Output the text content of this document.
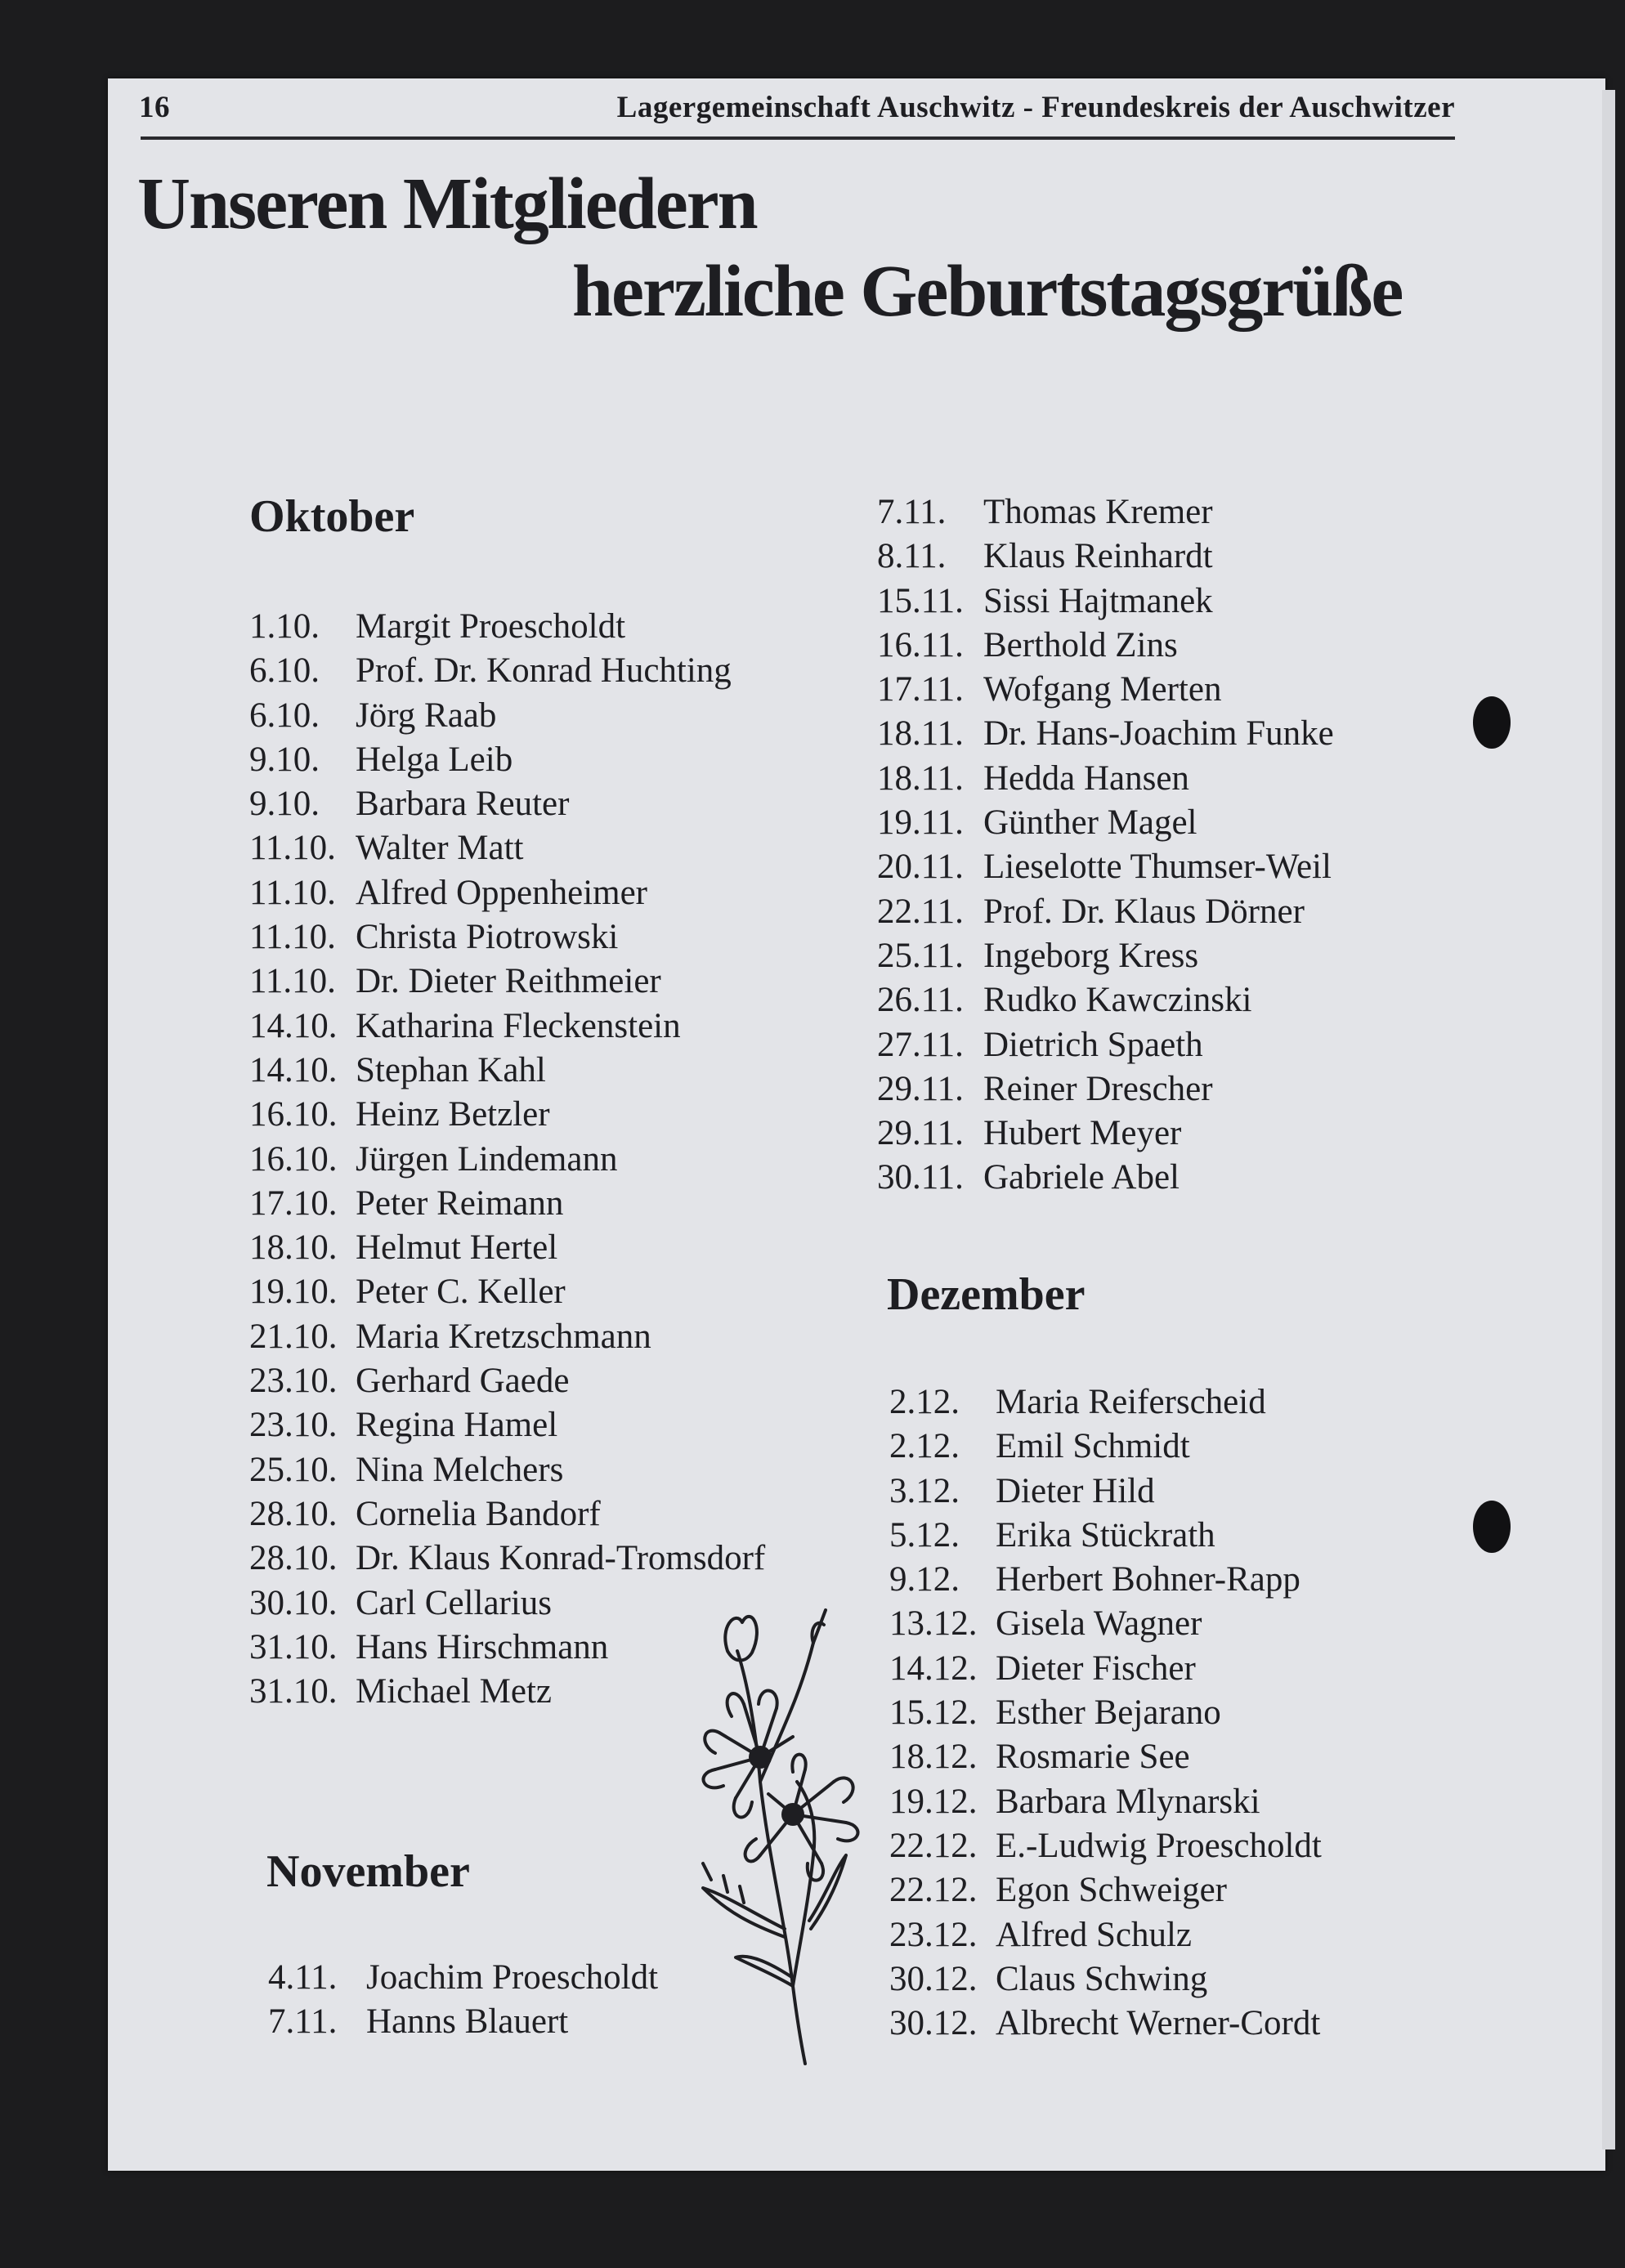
16	Lagergemeinschaft Auschwitz - Freundeskreis der Auschwitzer
Unseren Mitgliedern
herzliche Geburtstagsgrüße
Oktober
1.10. Margit Proescholdt
6.10. Prof. Dr. Konrad Huchting
6.10. Jörg Raab
9.10. Helga Leib
9.10. Barbara Reuter
11.10. Walter Matt
11.10. Alfred Oppenheimer
11.10. Christa Piotrowski
11.10. Dr. Dieter Reithmeier
14.10. Katharina Fleckenstein
14.10. Stephan Kahl
16.10. Heinz Betzler
16.10. Jürgen Lindemann
17.10. Peter Reimann
18.10. Helmut Hertel
19.10. Peter C. Keller
21.10. Maria Kretzschmann
23.10. Gerhard Gaede
23.10. Regina Hamel
25.10. Nina Melchers
28.10. Cornelia Bandorf
28.10. Dr. Klaus Konrad-Tromsdorf
30.10. Carl Cellarius
31.10. Hans Hirschmann
31.10. Michael Metz
November
4.11. Joachim Proescholdt
7.11. Hanns Blauert
7.11. Thomas Kremer
8.11. Klaus Reinhardt
15.11. Sissi Hajtmanek
16.11. Berthold Zins
17.11. Wofgang Merten
18.11. Dr. Hans-Joachim Funke
18.11. Hedda Hansen
19.11. Günther Magel
20.11. Lieselotte Thumser-Weil
22.11. Prof. Dr. Klaus Dörner
25.11. Ingeborg Kress
26.11. Rudko Kawczinski
27.11. Dietrich Spaeth
29.11. Reiner Drescher
29.11. Hubert Meyer
30.11. Gabriele Abel
Dezember
2.12. Maria Reiferscheid
2.12. Emil Schmidt
3.12. Dieter Hild
5.12. Erika Stückrath
9.12. Herbert Bohner-Rapp
13.12. Gisela Wagner
14.12. Dieter Fischer
15.12. Esther Bejarano
18.12. Rosmarie See
19.12. Barbara Mlynarski
22.12. E.-Ludwig Proescholdt
22.12. Egon Schweiger
23.12. Alfred Schulz
30.12. Claus Schwing
30.12. Albrecht Werner-Cordt
